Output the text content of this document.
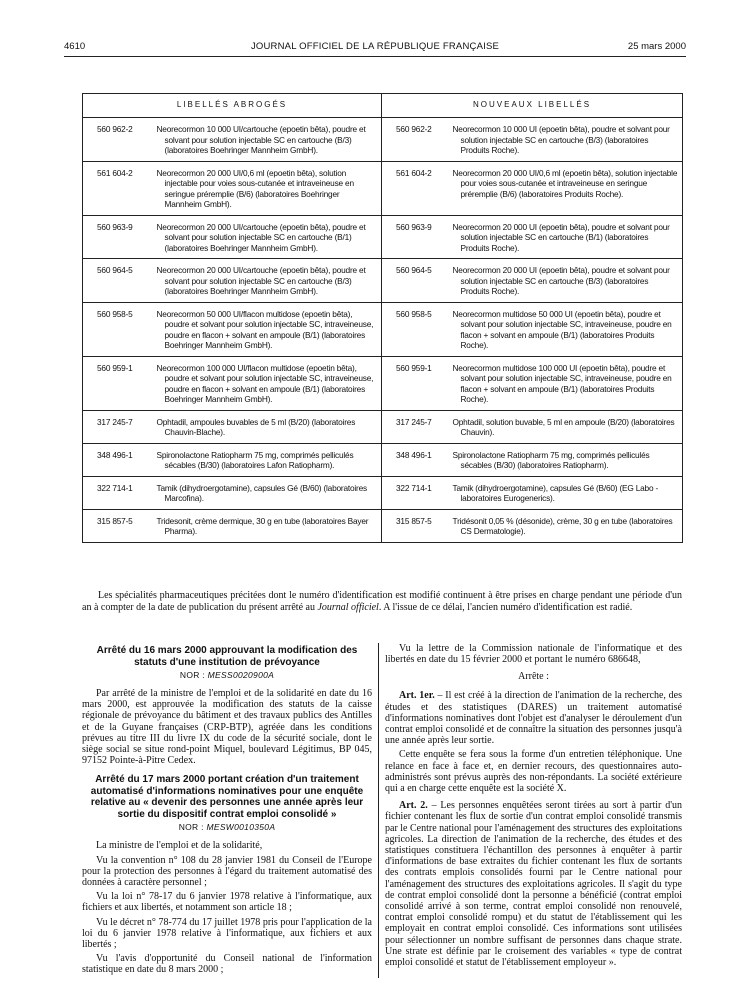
4610	JOURNAL OFFICIEL DE LA RÉPUBLIQUE FRANÇAISE	25 mars 2000
LIBELLÉS ABROGÉS		NOUVEAUX LIBELLÉS	

560 962-2	Neorecormon 10 000 UI/cartouche (epoetin bêta), poudre et solvant pour solution injectable SC en cartouche (B/3) (laboratoires Boehringer Mannheim GmbH).	560 962-2	Neorecormon 10 000 UI (epoetin bêta), poudre et solvant pour solution injectable SC en cartouche (B/3) (laboratoires Produits Roche).

561 604-2	Neorecormon 20 000 UI/0,6 ml (epoetin bêta), solution injectable pour voies sous-cutanée et intraveineuse en seringue préremplie (B/6) (laboratoires Boehringer Mannheim GmbH).	561 604-2	Neorecormon 20 000 UI/0,6 ml (epoetin bêta), solution injectable pour voies sous-cutanée et intraveineuse en seringue préremplie (B/6) (laboratoires Produits Roche).

560 963-9	Neorecormon 20 000 UI/cartouche (epoetin bêta), poudre et solvant pour solution injectable SC en cartouche (B/1) (laboratoires Boehringer Mannheim GmbH).	560 963-9	Neorecormon 20 000 UI (epoetin bêta), poudre et solvant pour solution injectable SC en cartouche (B/1) (laboratoires Produits Roche).

560 964-5	Neorecormon 20 000 UI/cartouche (epoetin bêta), poudre et solvant pour solution injectable SC en cartouche (B/3) (laboratoires Boehringer Mannheim GmbH).	560 964-5	Neorecormon 20 000 UI (epoetin bêta), poudre et solvant pour solution injectable SC en cartouche (B/3) (laboratoires Produits Roche).

560 958-5	Neorecormon 50 000 UI/flacon multidose (epoetin bêta), poudre et solvant pour solution injectable SC, intraveineuse, poudre en flacon + solvant en ampoule (B/1) (laboratoires Boehringer Mannheim GmbH).	560 958-5	Neorecormon multidose 50 000 UI (epoetin bêta), poudre et solvant pour solution injectable SC, intraveineuse, poudre en flacon + solvant en ampoule (B/1) (laboratoires Produits Roche).

560 959-1	Neorecormon 100 000 UI/flacon multidose (epoetin bêta), poudre et solvant pour solution injectable SC, intraveineuse, poudre en flacon + solvant en ampoule (B/1) (laboratoires Boehringer Mannheim GmbH).	560 959-1	Neorecormon multidose 100 000 UI (epoetin bêta), poudre et solvant pour solution injectable SC, intraveineuse, poudre en flacon + solvant en ampoule (B/1) (laboratoires Produits Roche).

317 245-7	Ophtadil, ampoules buvables de 5 ml (B/20) (laboratoires Chauvin-Blache).	317 245-7	Ophtadil, solution buvable, 5 ml en ampoule (B/20) (laboratoires Chauvin).

348 496-1	Spironolactone Ratiopharm 75 mg, comprimés pelliculés sécables (B/30) (laboratoires Lafon Ratiopharm).	348 496-1	Spironolactone Ratiopharm 75 mg, comprimés pelliculés sécables (B/30) (laboratoires Ratiopharm).

322 714-1	Tamik (dihydroergotamine), capsules Gé (B/60) (laboratoires Marcofina).	322 714-1	Tamik (dihydroergotamine), capsules Gé (B/60) (EG Labo - laboratoires Eurogenerics).

315 857-5	Tridesonit, crème dermique, 30 g en tube (laboratoires Bayer Pharma).	315 857-5	Tridésonit 0,05 % (désonide), crème, 30 g en tube (laboratoires CS Dermatologie).
Les spécialités pharmaceutiques précitées dont le numéro d'identification est modifié continuent à être prises en charge pendant une période d'un an à compter de la date de publication du présent arrêté au Journal officiel. A l'issue de ce délai, l'ancien numéro d'identification est radié.
Arrêté du 16 mars 2000 approuvant la modification des statuts d'une institution de prévoyance
NOR : MESS0020900A

Par arrêté de la ministre de l'emploi et de la solidarité en date du 16 mars 2000, est approuvée la modification des statuts de la caisse régionale de prévoyance du bâtiment et des travaux publics des Antilles et de la Guyane françaises (CRP-BTP), agréée dans les conditions prévues au titre III du livre IX du code de la sécurité sociale, dont le siège social se situe rond-point Miquel, boulevard Légitimus, BP 045, 97152 Pointe-à-Pitre Cedex.

Arrêté du 17 mars 2000 portant création d'un traitement automatisé d'informations nominatives pour une enquête relative au « devenir des personnes une année après leur sortie du dispositif contrat emploi consolidé »
NOR : MESW0010350A

La ministre de l'emploi et de la solidarité,

Vu la convention n° 108 du 28 janvier 1981 du Conseil de l'Europe pour la protection des personnes à l'égard du traitement automatisé des données à caractère personnel ;

Vu la loi n° 78-17 du 6 janvier 1978 relative à l'informatique, aux fichiers et aux libertés, et notamment son article 18 ;

Vu le décret n° 78-774 du 17 juillet 1978 pris pour l'application de la loi du 6 janvier 1978 relative à l'informatique, aux fichiers et aux libertés ;

Vu l'avis d'opportunité du Conseil national de l'information statistique en date du 8 mars 2000 ;

Vu la lettre de la Commission nationale de l'informatique et des libertés en date du 15 février 2000 et portant le numéro 686648,

Arrête :

Art. 1er. – Il est créé à la direction de l'animation de la recherche, des études et des statistiques (DARES) un traitement automatisé d'informations nominatives dont l'objet est d'analyser le déroulement d'un contrat emploi consolidé et de connaître la situation des personnes jusqu'à une année après leur sortie.

Cette enquête se fera sous la forme d'un entretien téléphonique. Une relance en face à face et, en dernier recours, des questionnaires auto-administrés sont prévus auprès des non-répondants. La société extérieure qui a en charge cette enquête est la société X.

Art. 2. – Les personnes enquêtées seront tirées au sort à partir d'un fichier contenant les flux de sortie d'un contrat emploi consolidé transmis par le Centre national pour l'aménagement des structures des exploitations agricoles. La direction de l'animation de la recherche, des études et des statistiques constituera l'échantillon des personnes à enquêter à partir d'informations de base extraites du fichier contenant les flux de sortants des contrats emplois consolidés fourni par le Centre national pour l'aménagement des structures des exploitations agricoles. Il s'agit du type de contrat emploi consolidé dont la personne a bénéficié (contrat emploi consolidé arrivé à son terme, contrat emploi consolidé non renouvelé, contrat emploi consolidé rompu) et du statut de l'établissement qui les employait en contrat emploi consolidé. Ces informations sont utilisées pour sélectionner un nombre suffisant de personnes dans chaque strate. Une strate est définie par le croisement des variables « type de contrat emploi consolidé et statut de l'établissement employeur ».
